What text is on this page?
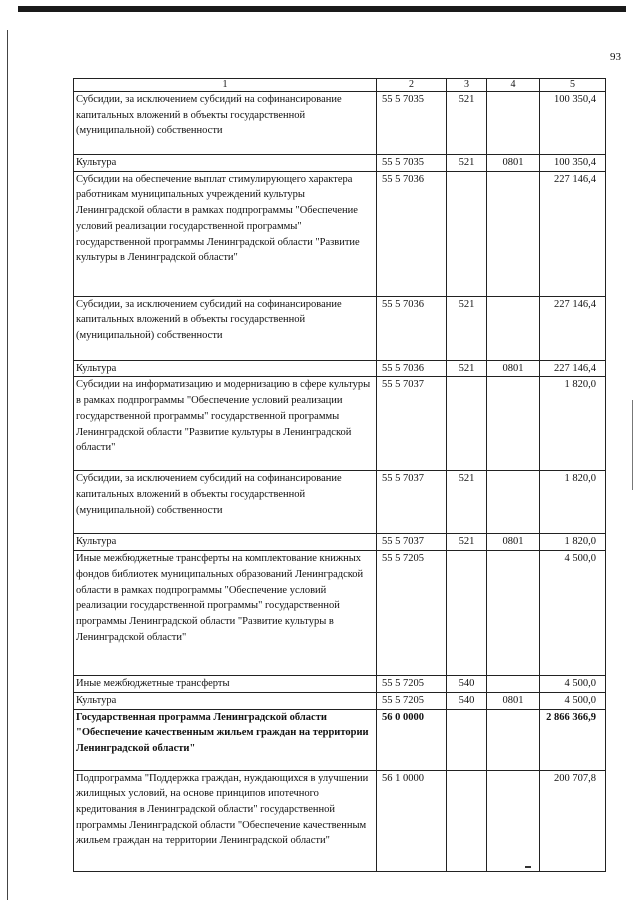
93
1	2	3	4	5
Субсидии, за исключением субсидий на софинансирование капитальных вложений в объекты государственной (муниципальной) собственности	55 5 7035	521		100 350,4
Культура	55 5 7035	521	0801	100 350,4
Субсидии на обеспечение выплат стимулирующего характера работникам муниципальных учреждений культуры Ленинградской области в рамках подпрограммы "Обеспечение условий реализации государственной программы" государственной программы Ленинградской области "Развитие культуры в Ленинградской области"	55 5 7036			227 146,4
Субсидии, за исключением субсидий на софинансирование капитальных вложений в объекты государственной (муниципальной) собственности	55 5 7036	521		227 146,4
Культура	55 5 7036	521	0801	227 146,4
Субсидии на информатизацию и модернизацию в сфере культуры в рамках подпрограммы "Обеспечение условий реализации государственной программы" государственной программы Ленинградской области "Развитие культуры в Ленинградской области"	55 5 7037			1 820,0
Субсидии, за исключением субсидий на софинансирование капитальных вложений в объекты государственной (муниципальной) собственности	55 5 7037	521		1 820,0
Культура	55 5 7037	521	0801	1 820,0
Иные межбюджетные трансферты на комплектование книжных фондов библиотек муниципальных образований Ленинградской области в рамках подпрограммы "Обеспечение условий реализации государственной программы" государственной программы Ленинградской области "Развитие культуры в Ленинградской области"	55 5 7205			4 500,0
Иные межбюджетные трансферты	55 5 7205	540		4 500,0
Культура	55 5 7205	540	0801	4 500,0
Государственная программа Ленинградской области "Обеспечение качественным жильем граждан на территории Ленинградской области"	56 0 0000			2 866 366,9
Подпрограмма "Поддержка граждан, нуждающихся в улучшении жилищных условий, на основе принципов ипотечного кредитования в Ленинградской области" государственной программы Ленинградской области "Обеспечение качественным жильем граждан на территории Ленинградской области"	56 1 0000			200 707,8
